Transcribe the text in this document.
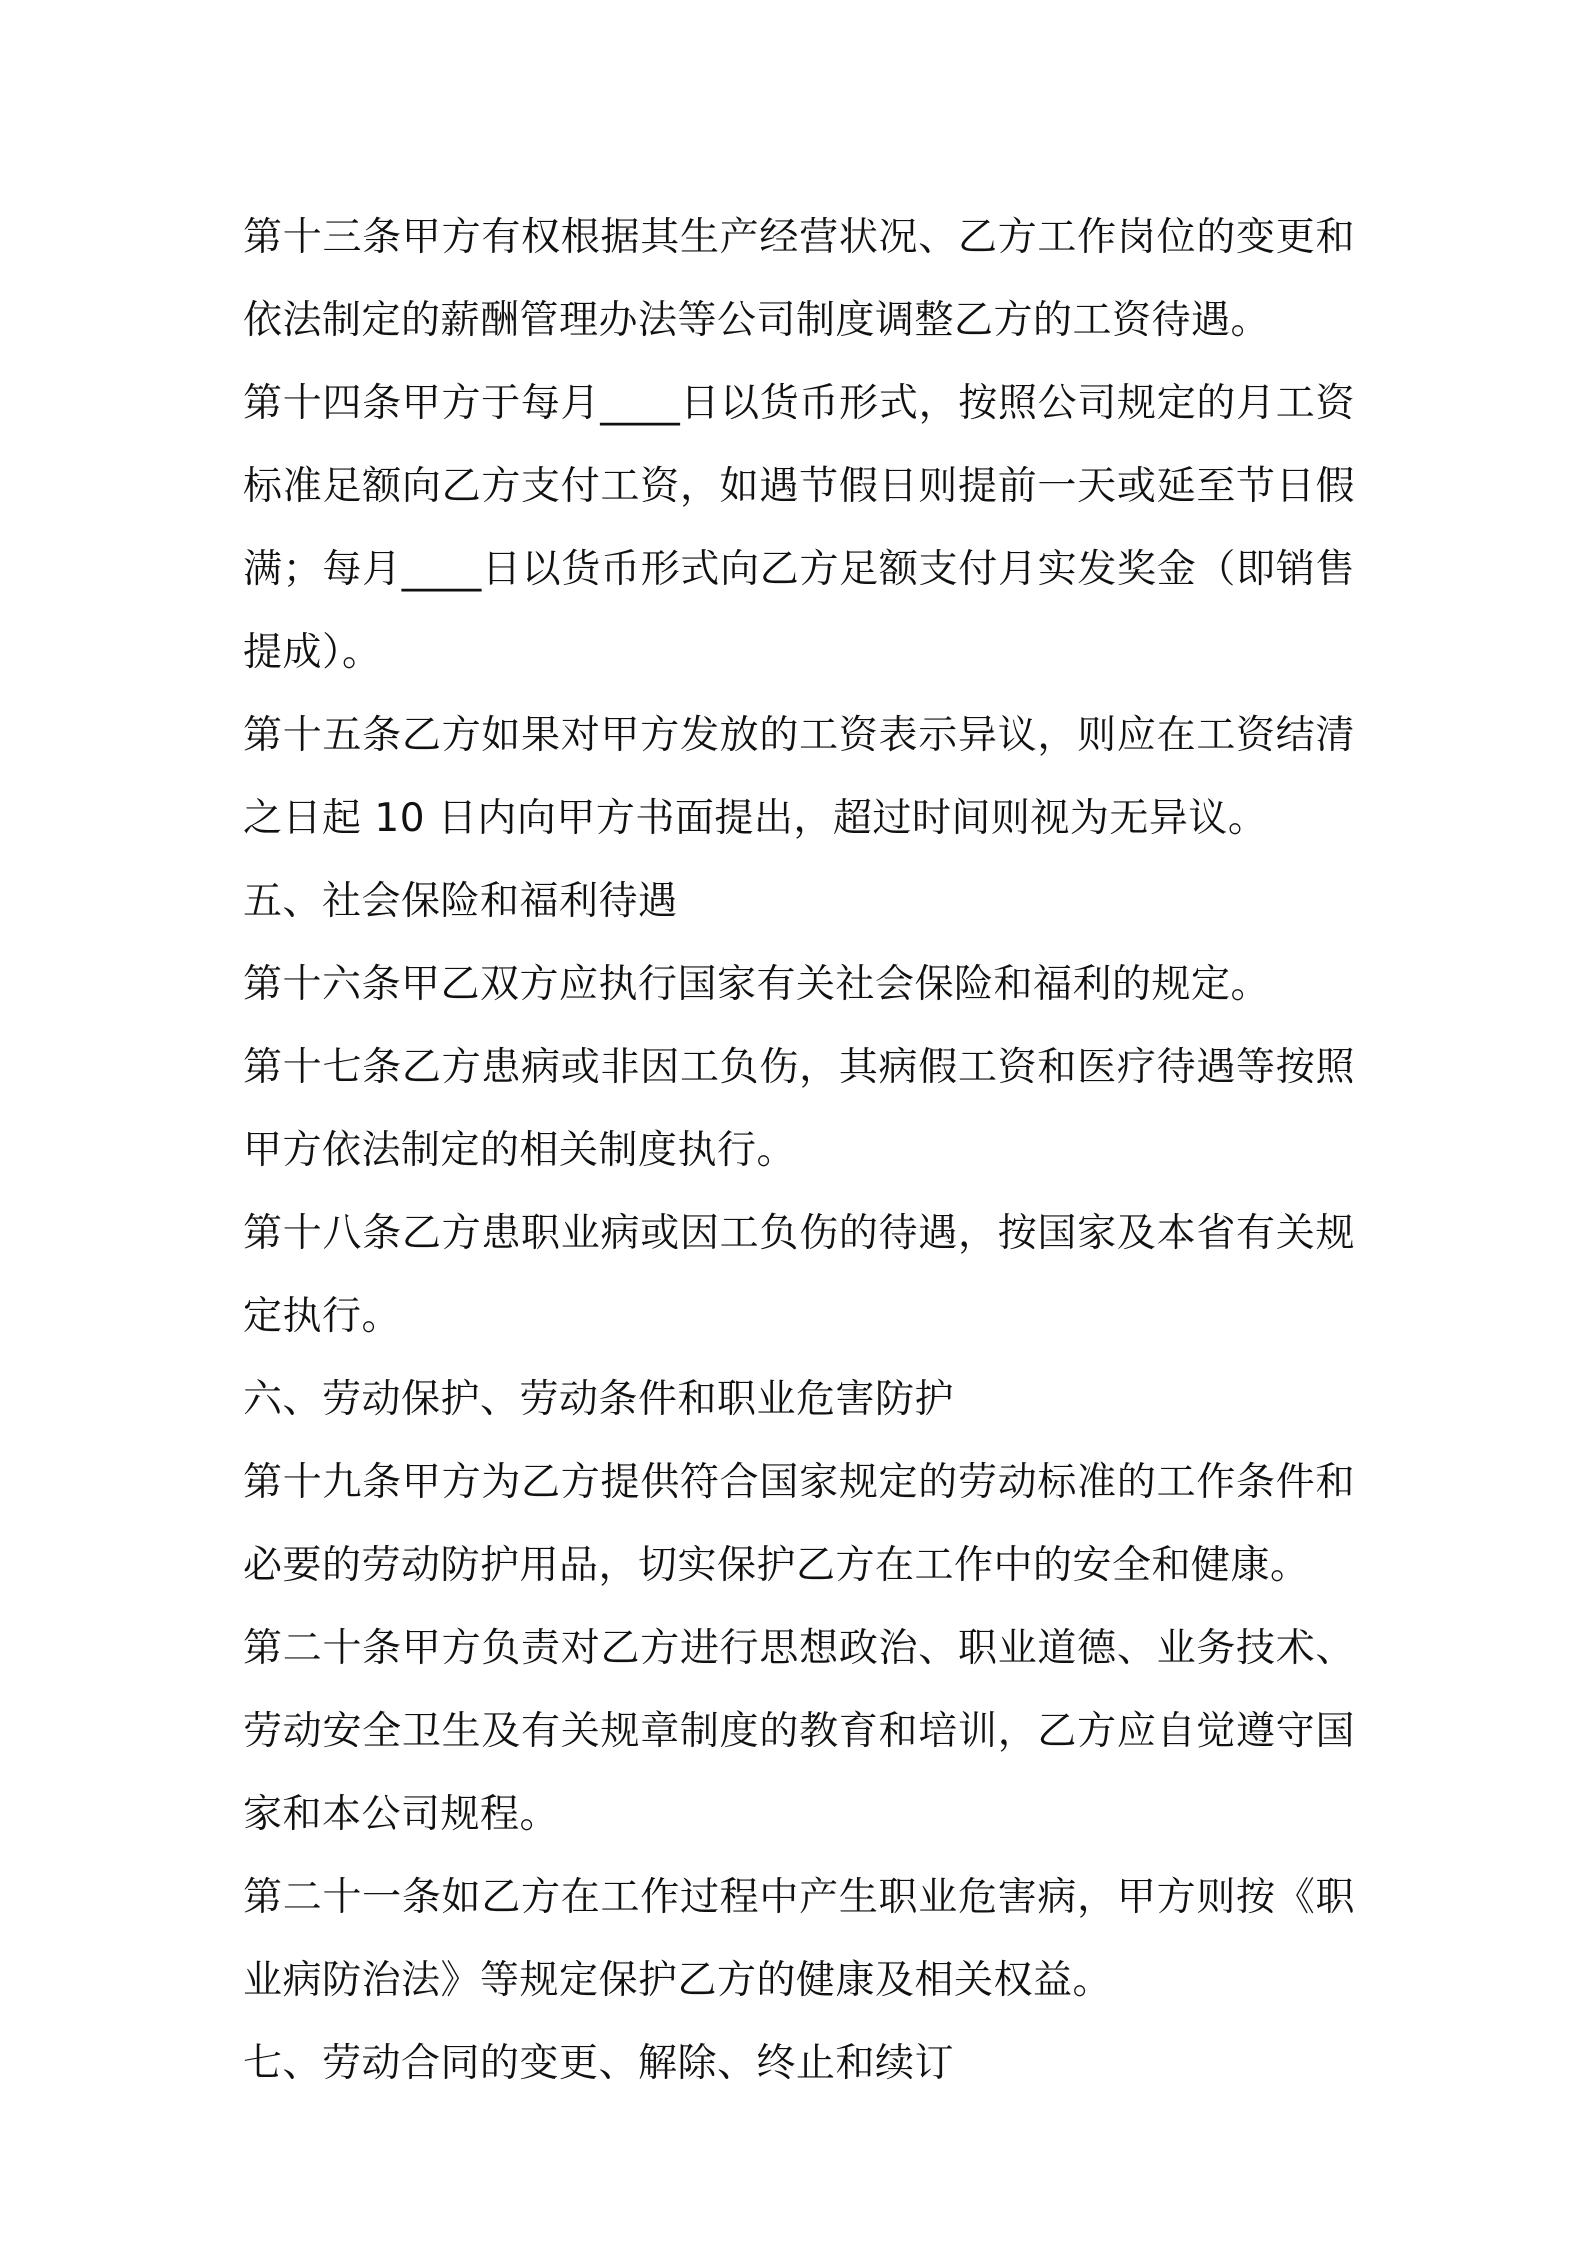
第十三条甲方有权根据其生产经营状况、乙方工作岗位的变更和依法制定的薪酬管理办法等公司制度调整乙方的工资待遇。

第十四条甲方于每月____日以货币形式，按照公司规定的月工资标准足额向乙方支付工资，如遇节假日则提前一天或延至节日假满；每月____日以货币形式向乙方足额支付月实发奖金（即销售提成）。

第十五条乙方如果对甲方发放的工资表示异议，则应在工资结清之日起 10 日内向甲方书面提出，超过时间则视为无异议。

五、社会保险和福利待遇

第十六条甲乙双方应执行国家有关社会保险和福利的规定。

第十七条乙方患病或非因工负伤，其病假工资和医疗待遇等按照甲方依法制定的相关制度执行。

第十八条乙方患职业病或因工负伤的待遇，按国家及本省有关规定执行。

六、劳动保护、劳动条件和职业危害防护

第十九条甲方为乙方提供符合国家规定的劳动标准的工作条件和必要的劳动防护用品，切实保护乙方在工作中的安全和健康。

第二十条甲方负责对乙方进行思想政治、职业道德、业务技术、劳动安全卫生及有关规章制度的教育和培训，乙方应自觉遵守国家和本公司规程。

第二十一条如乙方在工作过程中产生职业危害病，甲方则按《职业病防治法》等规定保护乙方的健康及相关权益。

七、劳动合同的变更、解除、终止和续订
